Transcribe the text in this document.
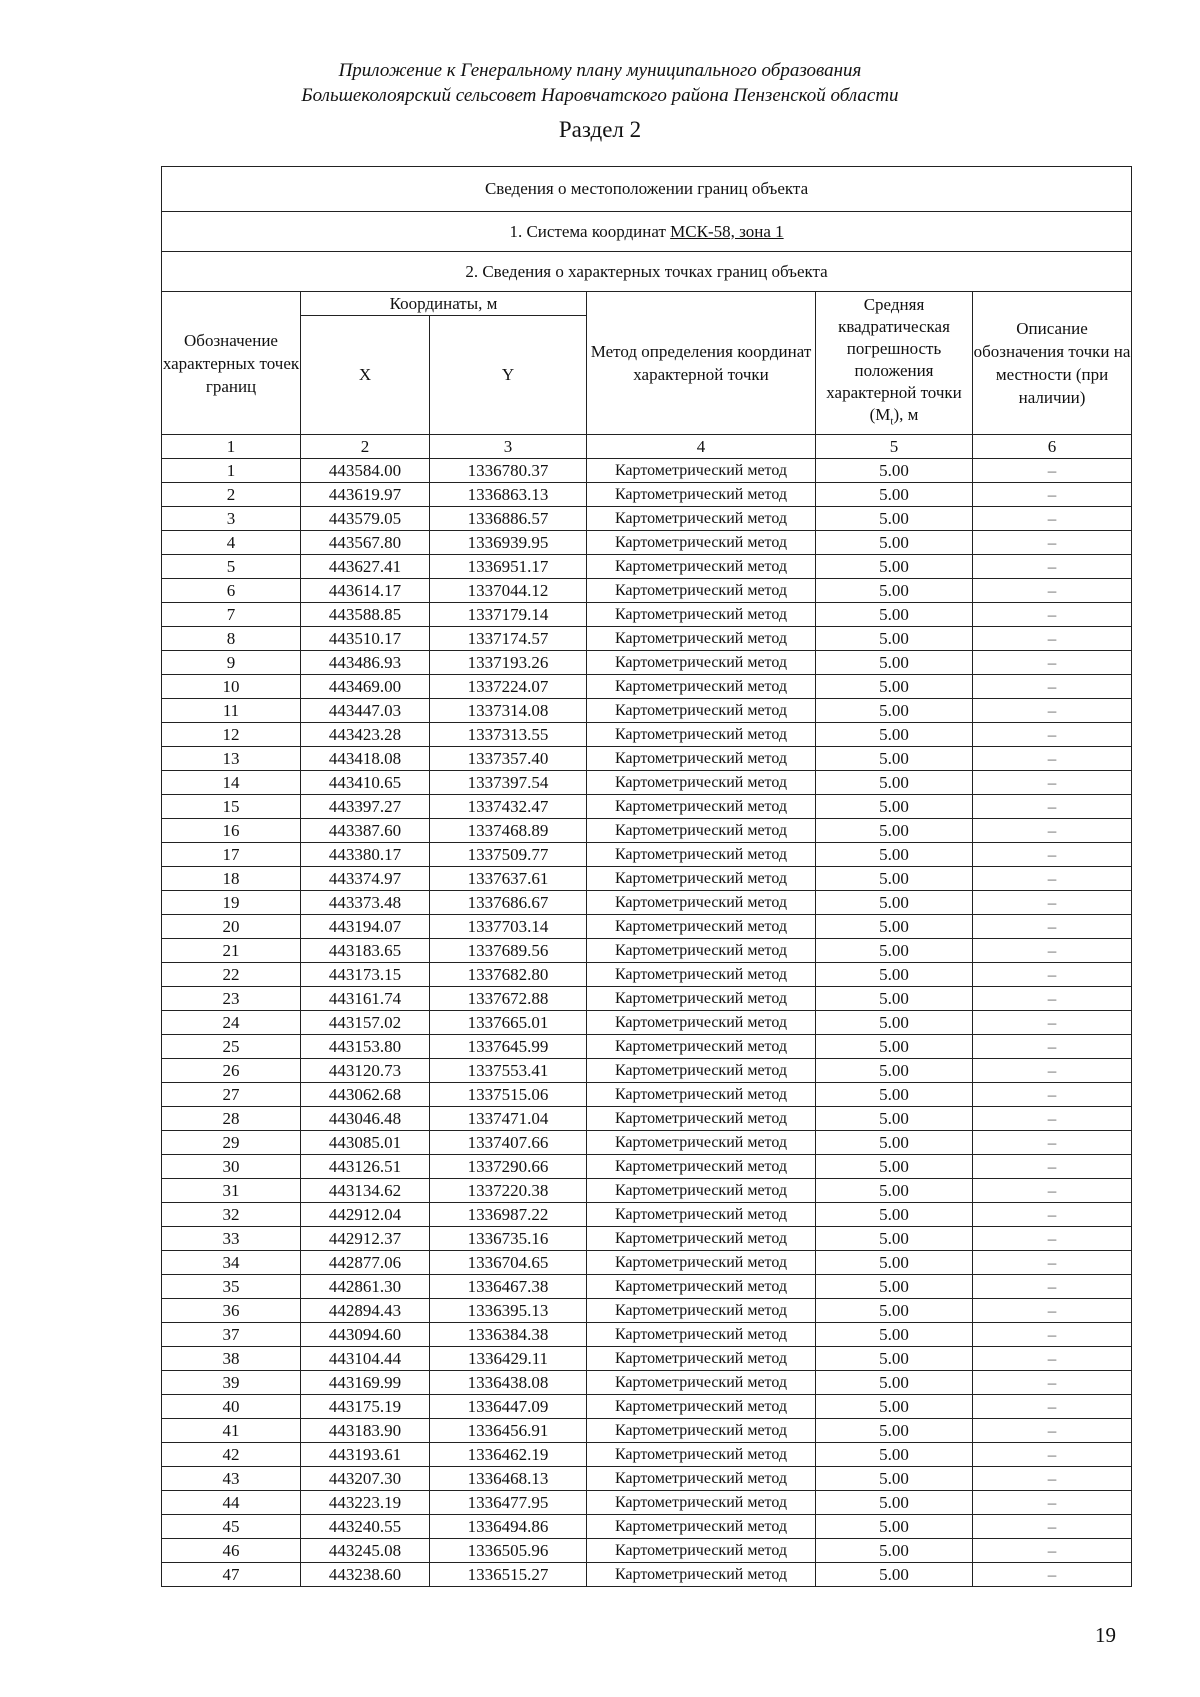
Приложение к Генеральному плану муниципального образования
Большеколоярский сельсовет Наровчатского района Пензенской области
Раздел 2
Сведения о местоположении границ объекта					
1. Система координат МСК-58, зона 1					
2. Сведения о характерных точках границ объекта					
Обозначение характерных точек границ	Координаты, м		Метод определения координат характерной точки	Средняя квадратическая погрешность положения характерной точки $(M_t)$, м	Описание обозначения точки на местности (при наличии)
	X	Y			
1	2	3	4	5	6
1	443584.00	1336780.37	Картометрический метод	5.00	–
2	443619.97	1336863.13	Картометрический метод	5.00	–
3	443579.05	1336886.57	Картометрический метод	5.00	–
4	443567.80	1336939.95	Картометрический метод	5.00	–
5	443627.41	1336951.17	Картометрический метод	5.00	–
6	443614.17	1337044.12	Картометрический метод	5.00	–
7	443588.85	1337179.14	Картометрический метод	5.00	–
8	443510.17	1337174.57	Картометрический метод	5.00	–
9	443486.93	1337193.26	Картометрический метод	5.00	–
10	443469.00	1337224.07	Картометрический метод	5.00	–
11	443447.03	1337314.08	Картометрический метод	5.00	–
12	443423.28	1337313.55	Картометрический метод	5.00	–
13	443418.08	1337357.40	Картометрический метод	5.00	–
14	443410.65	1337397.54	Картометрический метод	5.00	–
15	443397.27	1337432.47	Картометрический метод	5.00	–
16	443387.60	1337468.89	Картометрический метод	5.00	–
17	443380.17	1337509.77	Картометрический метод	5.00	–
18	443374.97	1337637.61	Картометрический метод	5.00	–
19	443373.48	1337686.67	Картометрический метод	5.00	–
20	443194.07	1337703.14	Картометрический метод	5.00	–
21	443183.65	1337689.56	Картометрический метод	5.00	–
22	443173.15	1337682.80	Картометрический метод	5.00	–
23	443161.74	1337672.88	Картометрический метод	5.00	–
24	443157.02	1337665.01	Картометрический метод	5.00	–
25	443153.80	1337645.99	Картометрический метод	5.00	–
26	443120.73	1337553.41	Картометрический метод	5.00	–
27	443062.68	1337515.06	Картометрический метод	5.00	–
28	443046.48	1337471.04	Картометрический метод	5.00	–
29	443085.01	1337407.66	Картометрический метод	5.00	–
30	443126.51	1337290.66	Картометрический метод	5.00	–
31	443134.62	1337220.38	Картометрический метод	5.00	–
32	442912.04	1336987.22	Картометрический метод	5.00	–
33	442912.37	1336735.16	Картометрический метод	5.00	–
34	442877.06	1336704.65	Картометрический метод	5.00	–
35	442861.30	1336467.38	Картометрический метод	5.00	–
36	442894.43	1336395.13	Картометрический метод	5.00	–
37	443094.60	1336384.38	Картометрический метод	5.00	–
38	443104.44	1336429.11	Картометрический метод	5.00	–
39	443169.99	1336438.08	Картометрический метод	5.00	–
40	443175.19	1336447.09	Картометрический метод	5.00	–
41	443183.90	1336456.91	Картометрический метод	5.00	–
42	443193.61	1336462.19	Картометрический метод	5.00	–
43	443207.30	1336468.13	Картометрический метод	5.00	–
44	443223.19	1336477.95	Картометрический метод	5.00	–
45	443240.55	1336494.86	Картометрический метод	5.00	–
46	443245.08	1336505.96	Картометрический метод	5.00	–
47	443238.60	1336515.27	Картометрический метод	5.00	–
19
